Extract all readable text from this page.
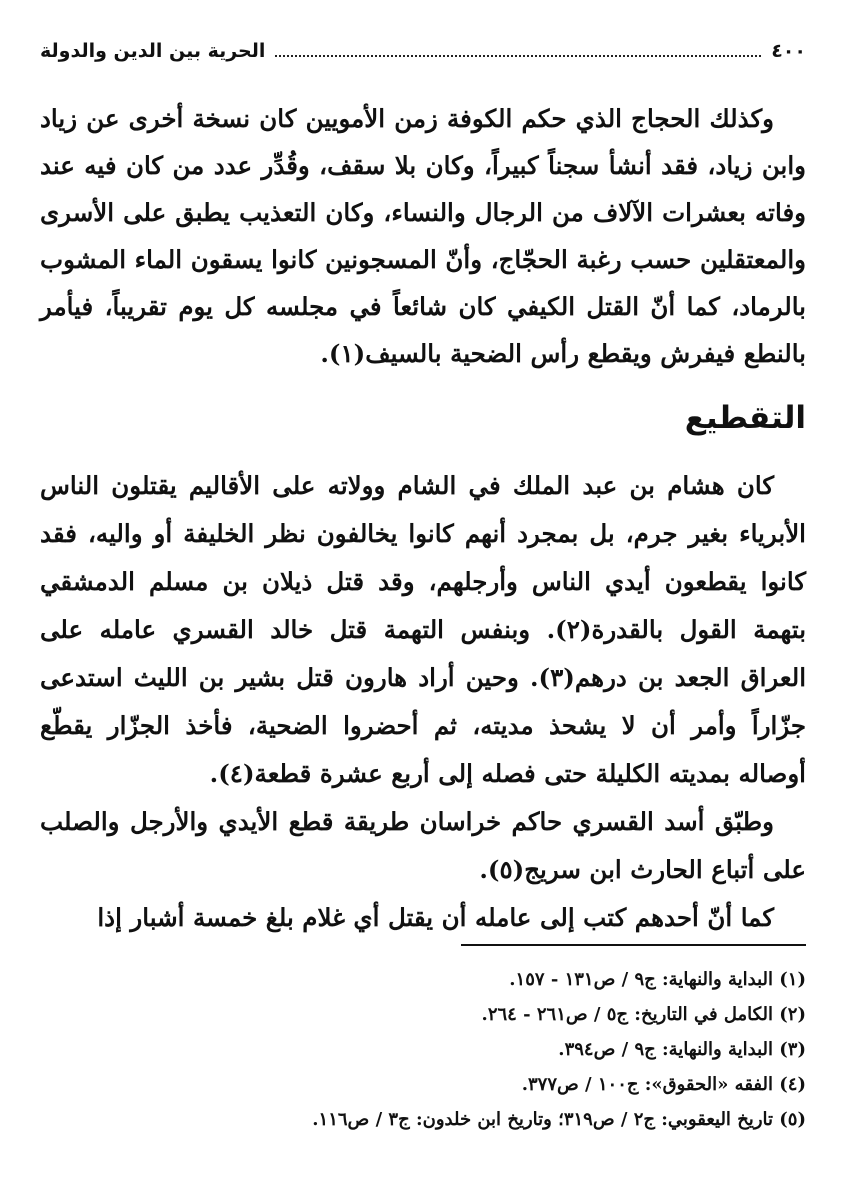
٤٠٠
الحرية بين الدين والدولة

وكذلك الحجاج الذي حكم الكوفة زمن الأمويين كان نسخة أخرى عن زياد وابن زياد، فقد أنشأ سجناً كبيراً، وكان بلا سقف، وقُدِّر عدد من كان فيه عند وفاته بعشرات الآلاف من الرجال والنساء، وكان التعذيب يطبق على الأسرى والمعتقلين حسب رغبة الحجّاج، وأنّ المسجونين كانوا يسقون الماء المشوب بالرماد، كما أنّ القتل الكيفي كان شائعاً في مجلسه كل يوم تقريباً، فيأمر بالنطع فيفرش ويقطع رأس الضحية بالسيف(١).

التقطيع

كان هشام بن عبد الملك في الشام وولاته على الأقاليم يقتلون الناس الأبرياء بغير جرم، بل بمجرد أنهم كانوا يخالفون نظر الخليفة أو واليه، فقد كانوا يقطعون أيدي الناس وأرجلهم، وقد قتل ذيلان بن مسلم الدمشقي بتهمة القول بالقدرة(٢). وبنفس التهمة قتل خالد القسري عامله على العراق الجعد بن درهم(٣). وحين أراد هارون قتل بشير بن الليث استدعى جزّاراً وأمر أن لا يشحذ مديته، ثم أحضروا الضحية، فأخذ الجزّار يقطّع أوصاله بمديته الكليلة حتى فصله إلى أربع عشرة قطعة(٤).

وطبّق أسد القسري حاكم خراسان طريقة قطع الأيدي والأرجل والصلب على أتباع الحارث ابن سريج(٥).

كما أنّ أحدهم كتب إلى عامله أن يقتل أي غلام بلغ خمسة أشبار إذا

(١) البداية والنهاية: ج٩ / ص١٣١ - ١٥٧.
(٢) الكامل في التاريخ: ج٥ / ص٢٦١ - ٢٦٤.
(٣) البداية والنهاية: ج٩ / ص٣٩٤.
(٤) الفقه «الحقوق»: ج١٠٠ / ص٣٧٧.
(٥) تاريخ اليعقوبي: ج٢ / ص٣١٩؛ وتاريخ ابن خلدون: ج٣ / ص١١٦.
